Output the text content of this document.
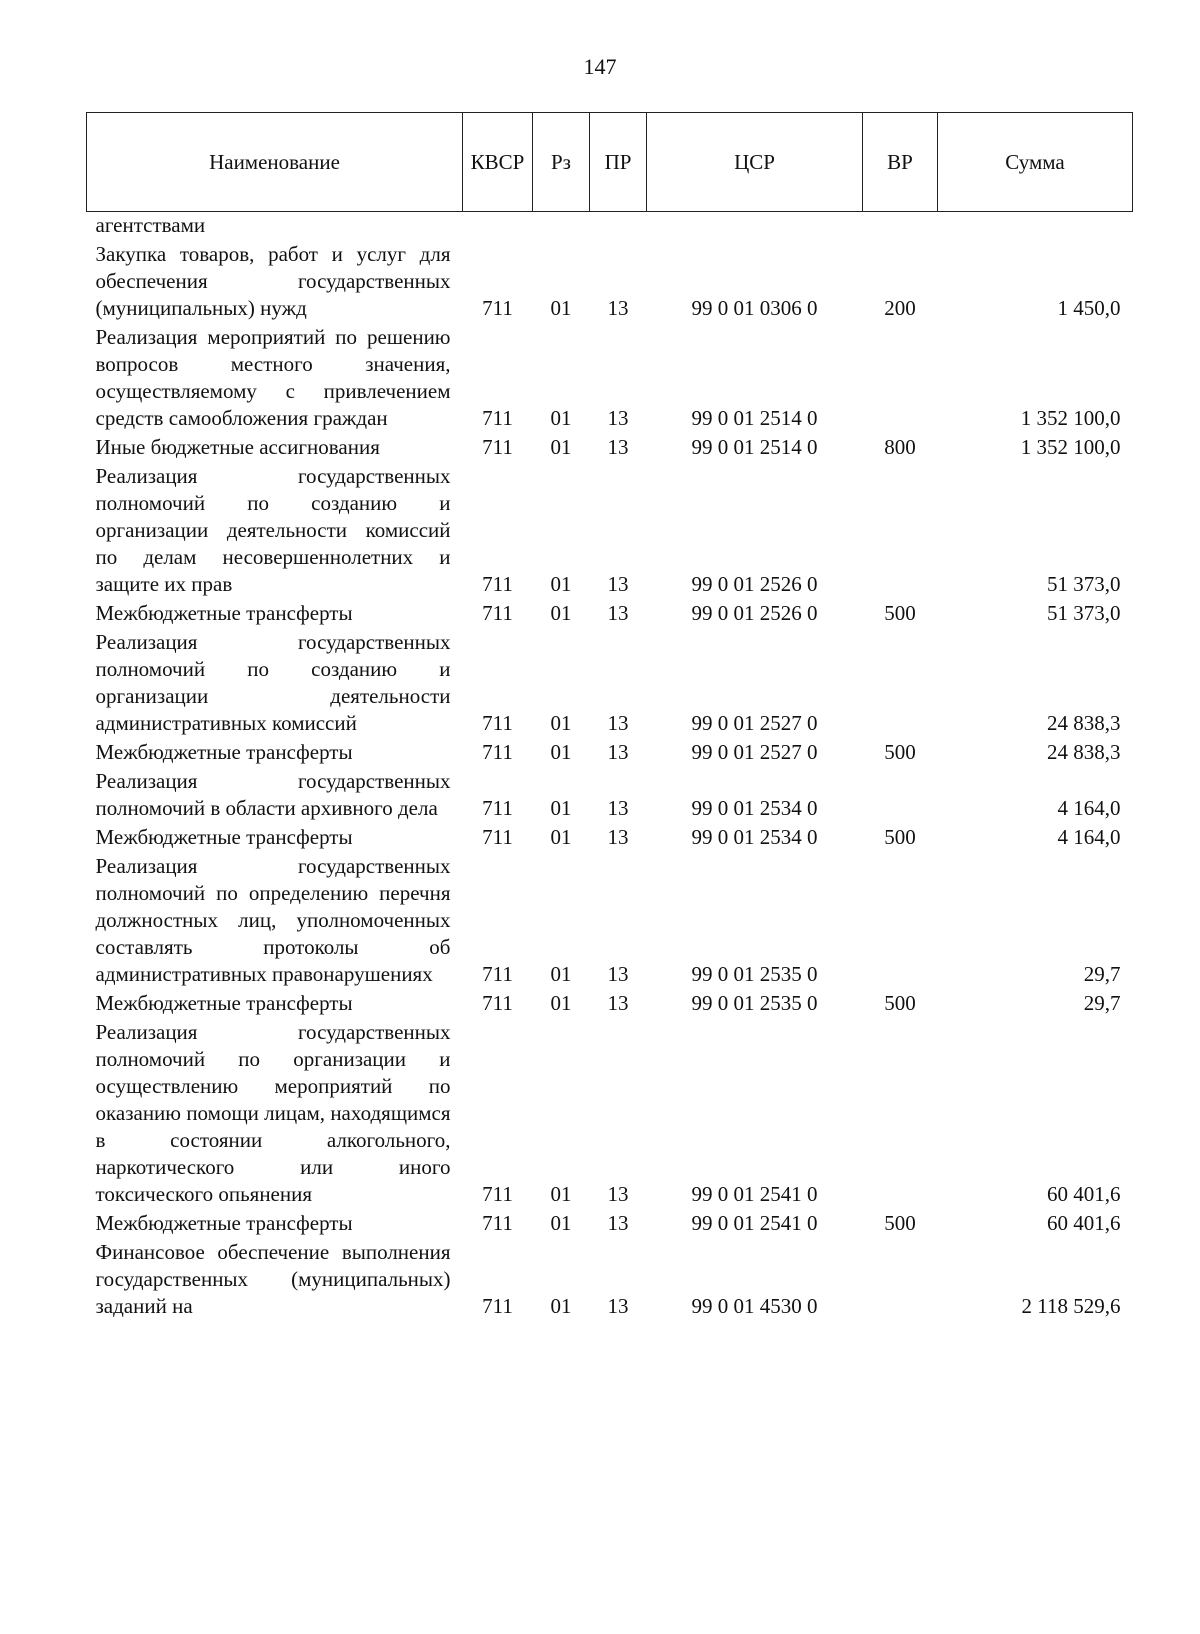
147
Наименование	КВСР	Рз	ПР	ЦСР	ВР	Сумма
агентствами						
Закупка товаров, работ и услуг для обеспечения государственных (муниципальных) нужд	711	01	13	99 0 01 0306 0	200	1 450,0
Реализация мероприятий по решению вопросов местного значения, осуществляемому с привлечением средств самообложения граждан	711	01	13	99 0 01 2514 0		1 352 100,0
Иные бюджетные ассигнования	711	01	13	99 0 01 2514 0	800	1 352 100,0
Реализация государственных полномочий по созданию и организации деятельности комиссий по делам несовершеннолетних и защите их прав	711	01	13	99 0 01 2526 0		51 373,0
Межбюджетные трансферты	711	01	13	99 0 01 2526 0	500	51 373,0
Реализация государственных полномочий по созданию и организации деятельности административных комиссий	711	01	13	99 0 01 2527 0		24 838,3
Межбюджетные трансферты	711	01	13	99 0 01 2527 0	500	24 838,3
Реализация государственных полномочий в области архивного дела	711	01	13	99 0 01 2534 0		4 164,0
Межбюджетные трансферты	711	01	13	99 0 01 2534 0	500	4 164,0
Реализация государственных полномочий по определению перечня должностных лиц, уполномоченных составлять протоколы об административных правонарушениях	711	01	13	99 0 01 2535 0		29,7
Межбюджетные трансферты	711	01	13	99 0 01 2535 0	500	29,7
Реализация государственных полномочий по организации и осуществлению мероприятий по оказанию помощи лицам, находящимся в состоянии алкогольного, наркотического или иного токсического опьянения	711	01	13	99 0 01 2541 0		60 401,6
Межбюджетные трансферты	711	01	13	99 0 01 2541 0	500	60 401,6
Финансовое обеспечение выполнения государственных (муниципальных) заданий на	711	01	13	99 0 01 4530 0		2 118 529,6
